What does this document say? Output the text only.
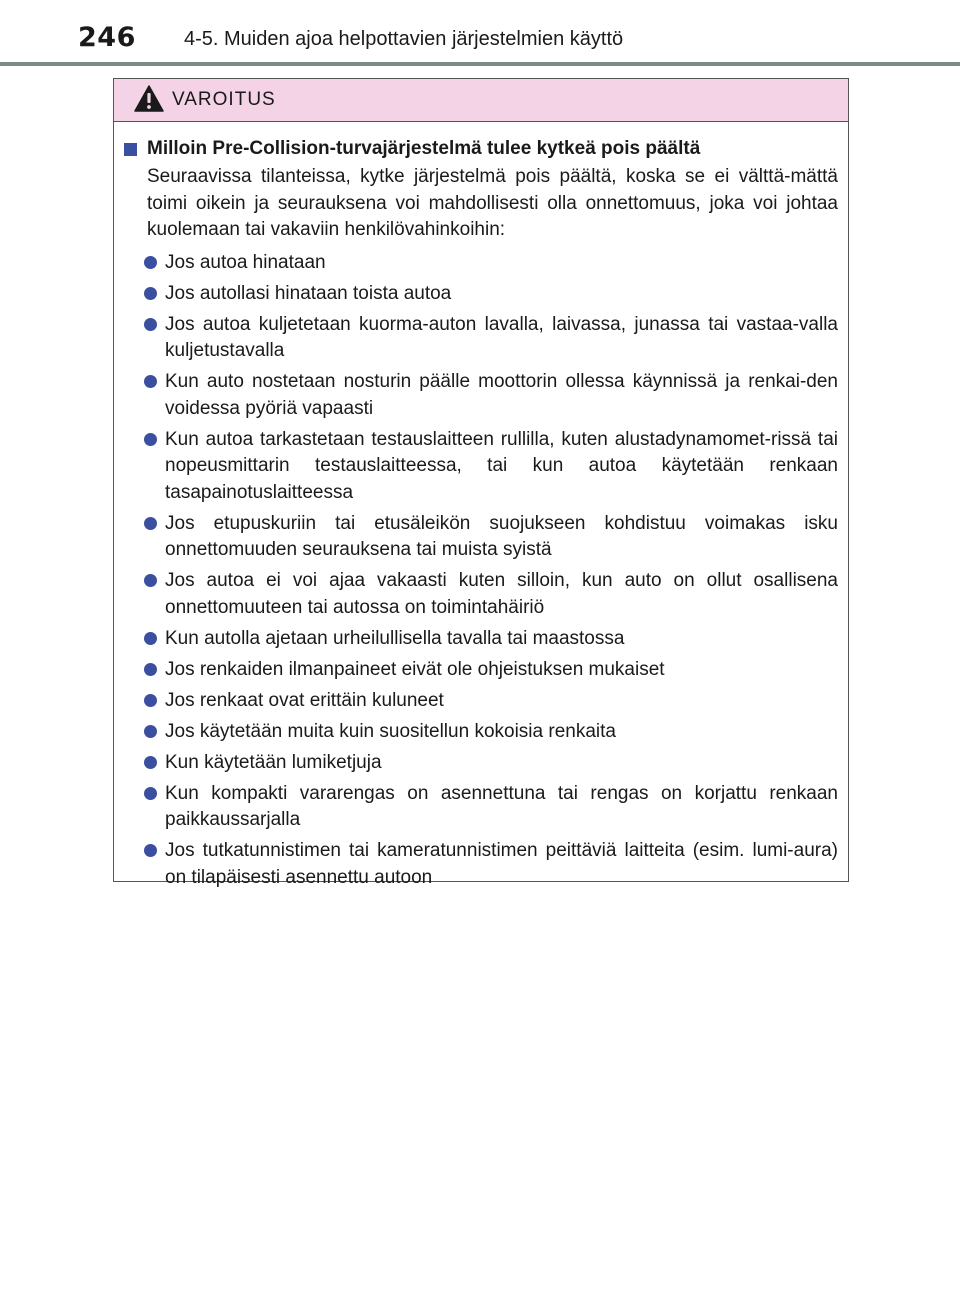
246 4-5. Muiden ajoa helpottavien järjestelmien käyttö
VAROITUS
Milloin Pre-Collision-turvajärjestelmä tulee kytkeä pois päältä
Seuraavissa tilanteissa, kytke järjestelmä pois päältä, koska se ei välttä-mättä toimi oikein ja seurauksena voi mahdollisesti olla onnettomuus, joka voi johtaa kuolemaan tai vakaviin henkilövahinkoihin:
Jos autoa hinataan
Jos autollasi hinataan toista autoa
Jos autoa kuljetetaan kuorma-auton lavalla, laivassa, junassa tai vastaa-valla kuljetustavalla
Kun auto nostetaan nosturin päälle moottorin ollessa käynnissä ja renkai-den voidessa pyöriä vapaasti
Kun autoa tarkastetaan testauslaitteen rullilla, kuten alustadynamomet-rissä tai nopeusmittarin testauslaitteessa, tai kun autoa käytetään renkaan tasapainotuslaitteessa
Jos etupuskuriin tai etusäleikön suojukseen kohdistuu voimakas isku onnettomuuden seurauksena tai muista syistä
Jos autoa ei voi ajaa vakaasti kuten silloin, kun auto on ollut osallisena onnettomuuteen tai autossa on toimintahäiriö
Kun autolla ajetaan urheilullisella tavalla tai maastossa
Jos renkaiden ilmanpaineet eivät ole ohjeistuksen mukaiset
Jos renkaat ovat erittäin kuluneet
Jos käytetään muita kuin suositellun kokoisia renkaita
Kun käytetään lumiketjuja
Kun kompakti vararengas on asennettuna tai rengas on korjattu renkaan paikkaussarjalla
Jos tutkatunnistimen tai kameratunnistimen peittäviä laitteita (esim. lumi-aura) on tilapäisesti asennettu autoon
